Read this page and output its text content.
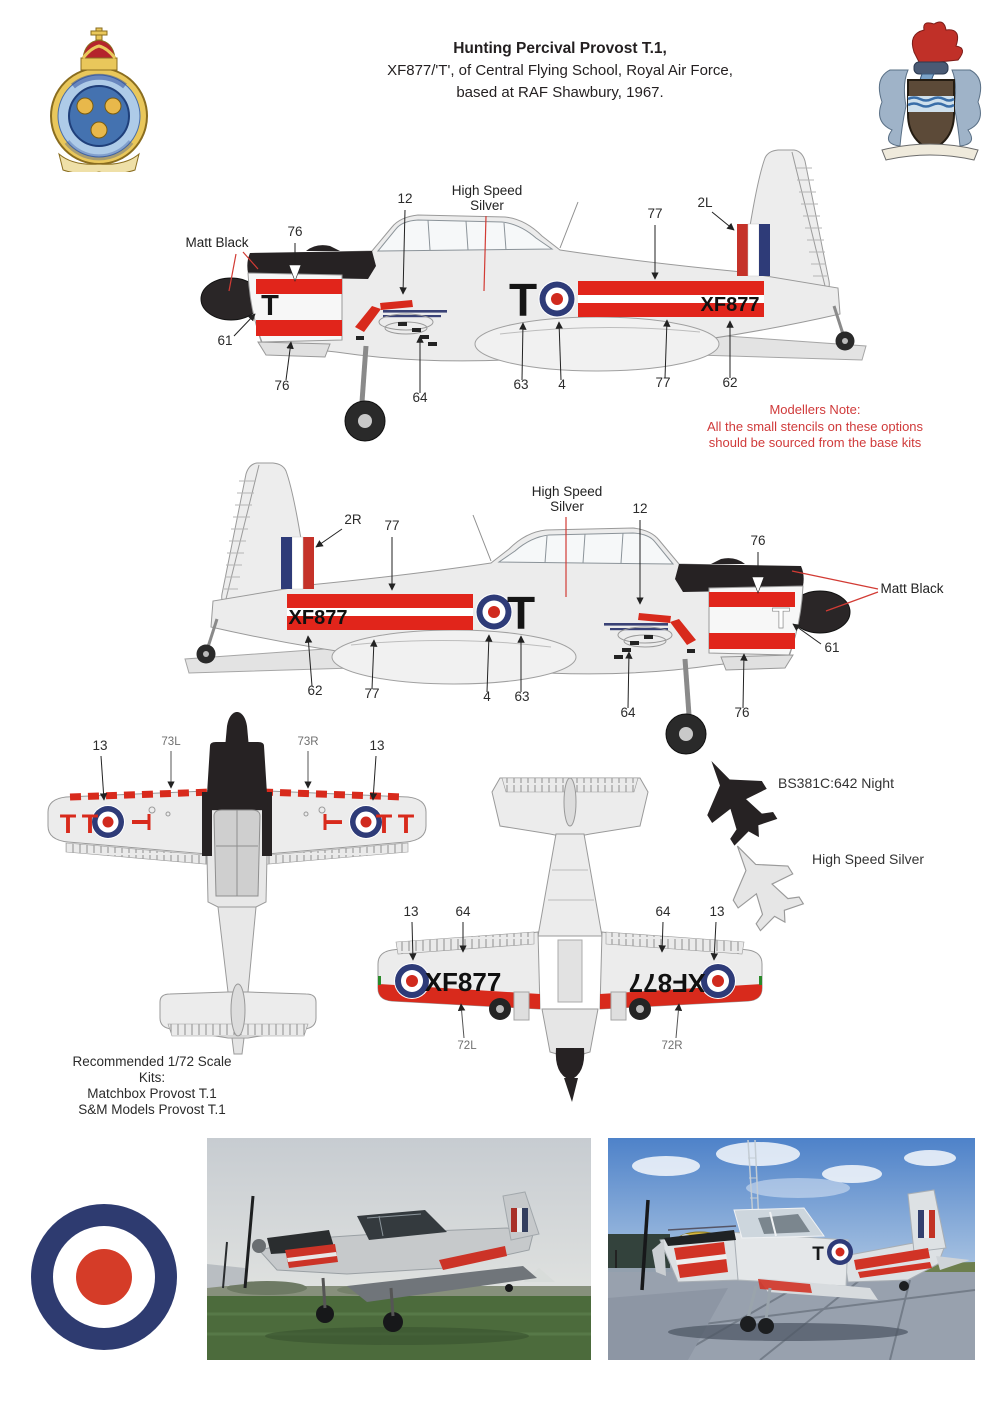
Hunting Percival Provost T.1,
XF877/'T', of Central Flying School, Royal Air Force,
based at RAF Shawbury, 1967.
T	T	XF877
Matt Black
High Speed
Silver
12
76
61
76
64
63 4
77
77	62
2L
T
T
XF877
2R 77
62	77	4 63
High Speed
Silver	12
76
Matt Black
61
64	76
T T T	T T T
13	73L	73R	13
XF877	XF877
13	64	64	13
72L	72R
BS381C:642 Night
High Speed Silver
Modellers Note:
All the small stencils on these options
should be sourced from the base kits
Recommended 1/72 Scale
Kits:
Matchbox Provost T.1
S&M Models Provost T.1
T
